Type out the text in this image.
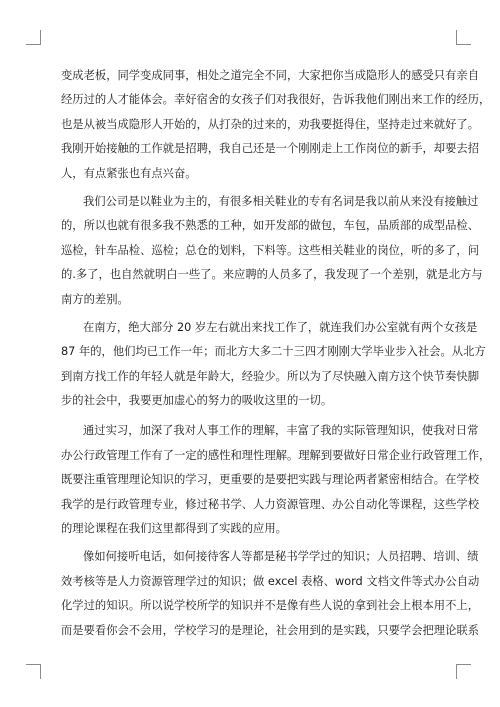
变成老板，同学变成同事，相处之道完全不同，大家把你当成隐形人的感受只有亲自
经历过的人才能体会。幸好宿舍的女孩子们对我很好，告诉我他们刚出来工作的经历，
也是从被当成隐形人开始的，从打杂的过来的，劝我要挺得住，坚持走过来就好了。
我刚开始接触的工作就是招聘，我自己还是一个刚刚走上工作岗位的新手，却要去招
人，有点紧张也有点兴奋。
我们公司是以鞋业为主的，有很多相关鞋业的专有名词是我以前从来没有接触过
的，所以也就有很多我不熟悉的工种，如开发部的做包，车包，品质部的成型品检、
巡检，针车品检、巡检；总仓的划料，下料等。这些相关鞋业的岗位，听的多了，问
的.多了，也自然就明白一些了。来应聘的人员多了，我发现了一个差别，就是北方与
南方的差别。
在南方，绝大部分 20 岁左右就出来找工作了，就连我们办公室就有两个女孩是
87 年的，他们均已工作一年；而北方大多二十三四才刚刚大学毕业步入社会。从北方
到南方找工作的年轻人就是年龄大，经验少。所以为了尽快融入南方这个快节奏快脚
步的社会中，我要更加虚心的努力的吸收这里的一切。
通过实习，加深了我对人事工作的理解，丰富了我的实际管理知识，使我对日常
办公行政管理工作有了一定的感性和理性理解。理解到要做好日常企业行政管理工作，
既要注重管理理论知识的学习，更重要的是要把实践与理论两者紧密相结合。在学校
我学的是行政管理专业，修过秘书学、人力资源管理、办公自动化等课程，这些学校
的理论课程在我们这里都得到了实践的应用。
像如何接听电话，如何接待客人等都是秘书学学过的知识；人员招聘、培训、绩
效考核等是人力资源管理学过的知识；做 excel 表格、word 文档文件等式办公自动
化学过的知识。所以说学校所学的知识并不是像有些人说的拿到社会上根本用不上，
而是要看你会不会用，学校学习的是理论，社会用到的是实践，只要学会把理论联系
